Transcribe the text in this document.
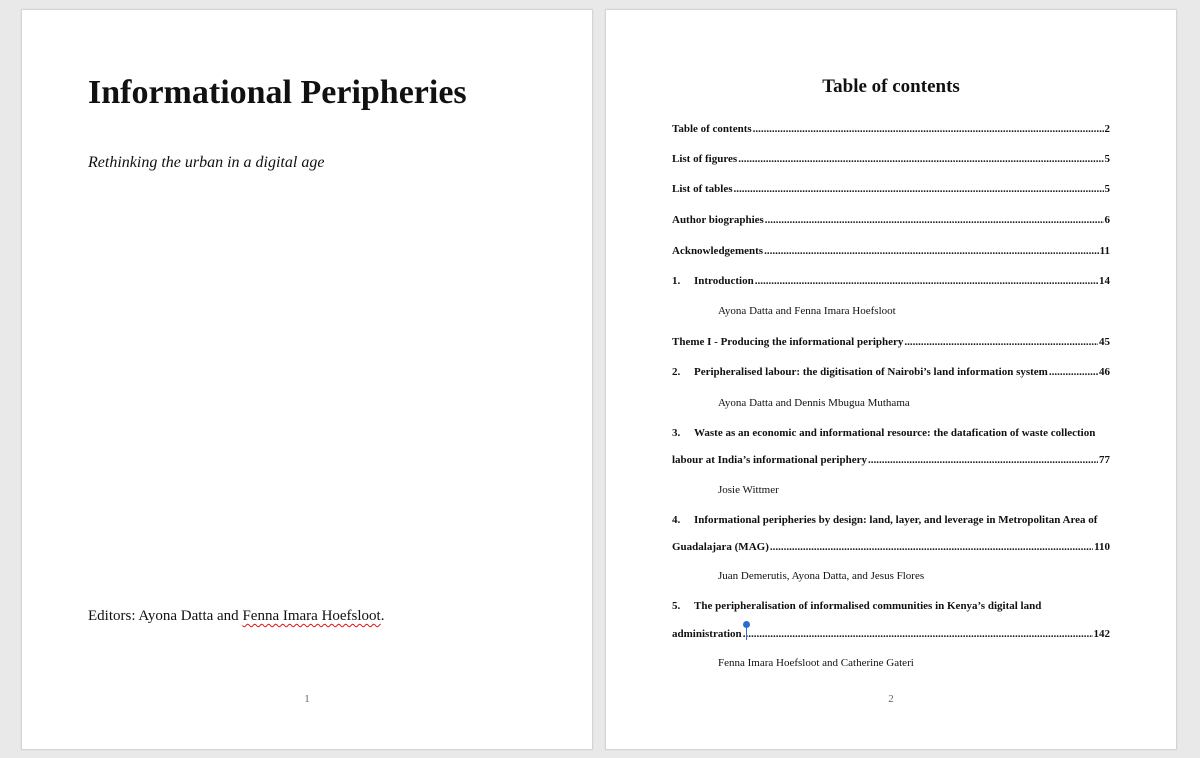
Informational Peripheries
Rethinking the urban in a digital age
Editors: Ayona Datta and Fenna Imara Hoefsloot.
1
Table of contents
Table of contents .....	2
List of figures .....	5
List of tables .....	5
Author biographies .....	6
Acknowledgements .....	11
1. Introduction .....	14
Ayona Datta and Fenna Imara Hoefsloot
Theme I - Producing the informational periphery .....	45
2. Peripheralised labour: the digitisation of Nairobi’s land information system .....	46
Ayona Datta and Dennis Mbugua Muthama
3. Waste as an economic and informational resource: the datafication of waste collection
labour at India’s informational periphery .....	77
Josie Wittmer
4. Informational peripheries by design: land, layer, and leverage in Metropolitan Area of
Guadalajara (MAG) .....	110
Juan Demerutis, Ayona Datta, and Jesus Flores
5. The peripheralisation of informalised communities in Kenya’s digital land
administration .....	142
Fenna Imara Hoefsloot and Catherine Gateri
2
